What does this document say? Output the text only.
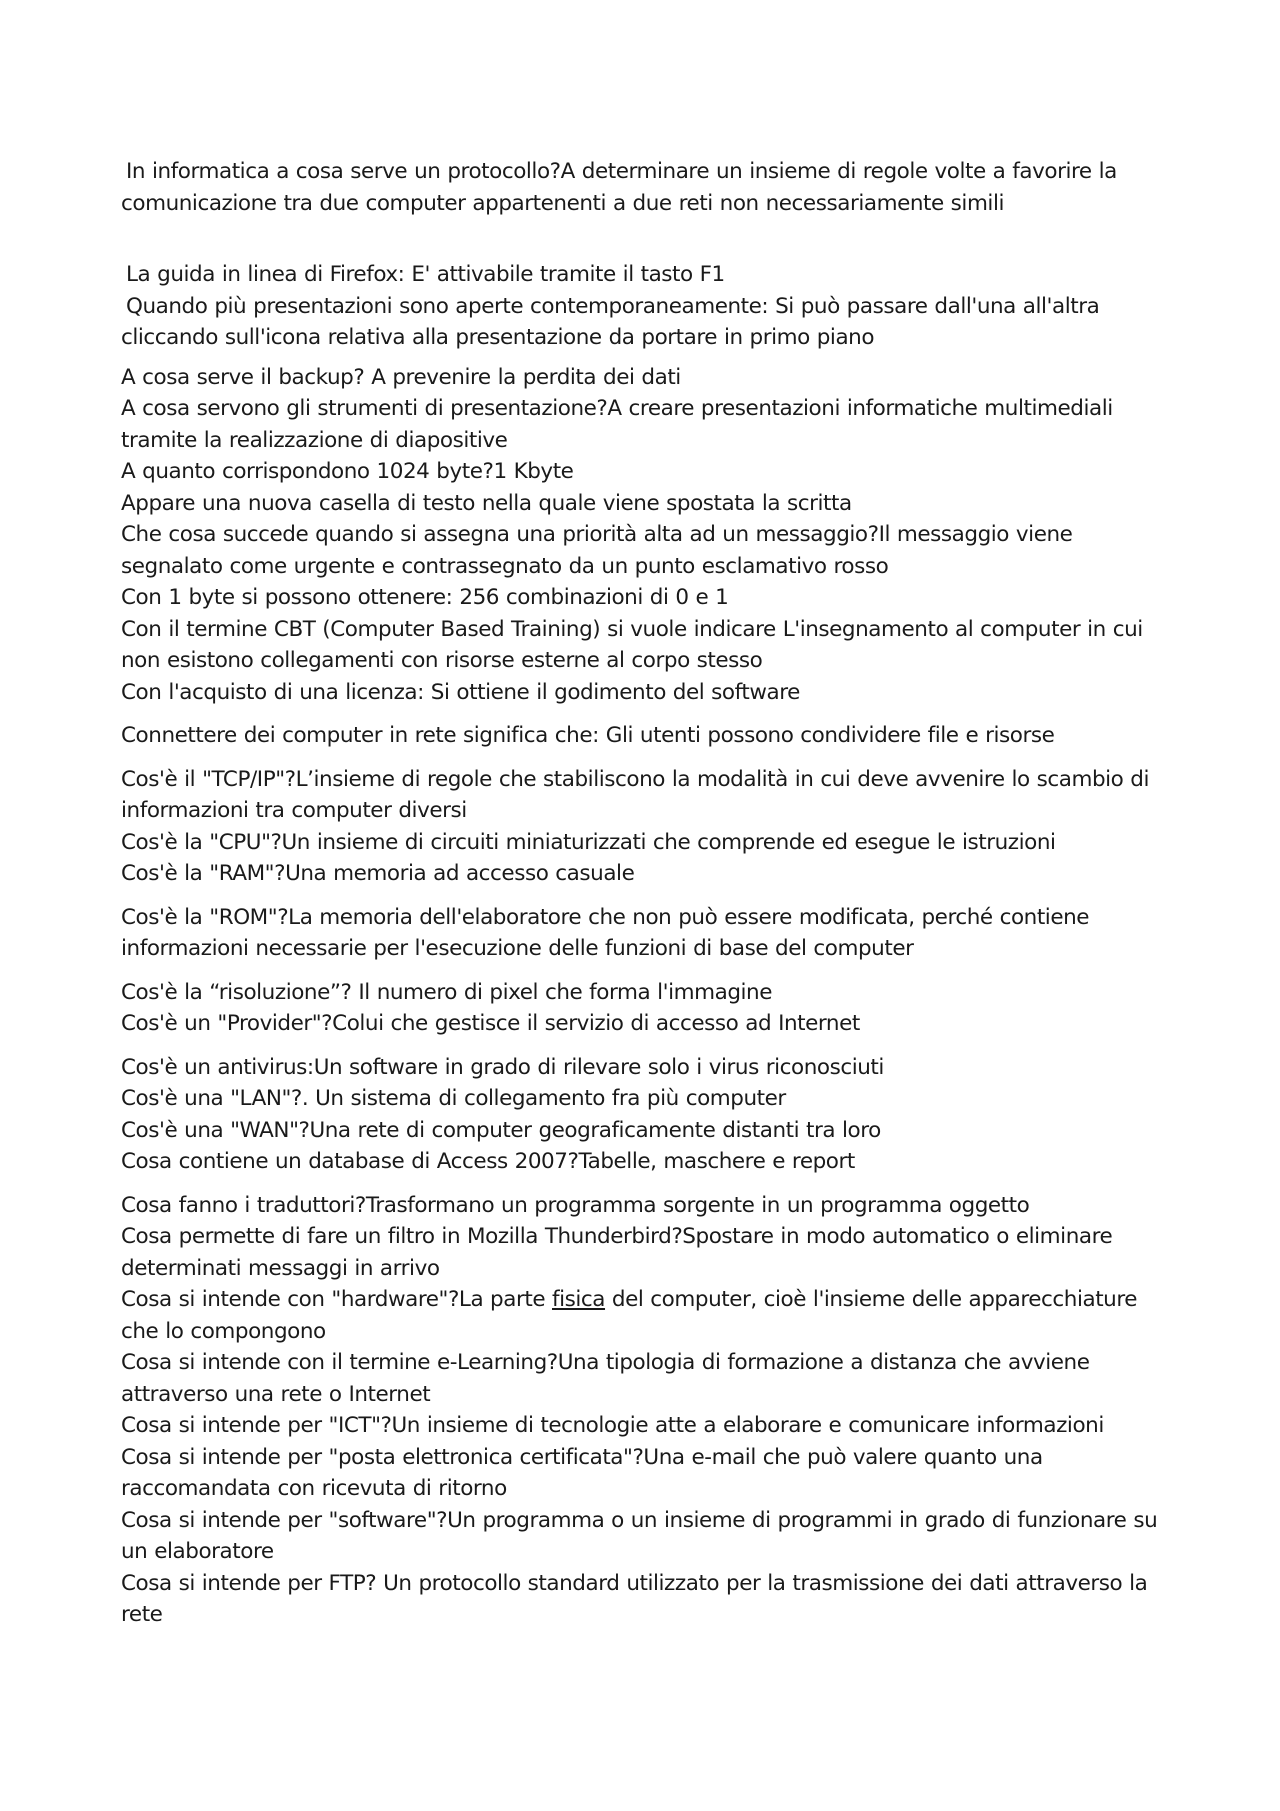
In informatica a cosa serve un protocollo?A determinare un insieme di regole volte a favorire la comunicazione tra due computer appartenenti a due reti non necessariamente simili

La guida in linea di Firefox: E' attivabile tramite il tasto F1

Quando più presentazioni sono aperte contemporaneamente: Si può passare dall'una all'altra cliccando sull'icona relativa alla presentazione da portare in primo piano

A cosa serve il backup? A prevenire la perdita dei dati

A cosa servono gli strumenti di presentazione?A creare presentazioni informatiche multimediali tramite la realizzazione di diapositive

A quanto corrispondono 1024 byte?1 Kbyte

Appare una nuova casella di testo nella quale viene spostata la scritta

Che cosa succede quando si assegna una priorità alta ad un messaggio?Il messaggio viene segnalato come urgente e contrassegnato da un punto esclamativo rosso

Con 1 byte si possono ottenere: 256 combinazioni di 0 e 1

Con il termine CBT (Computer Based Training) si vuole indicare L'insegnamento al computer in cui non esistono collegamenti con risorse esterne al corpo stesso

Con l'acquisto di una licenza: Si ottiene il godimento del software

Connettere dei computer in rete significa che: Gli utenti possono condividere file e risorse

Cos'è il "TCP/IP"?L’insieme di regole che stabiliscono la modalità in cui deve avvenire lo scambio di informazioni tra computer diversi

Cos'è la "CPU"?Un insieme di circuiti miniaturizzati che comprende ed esegue le istruzioni

Cos'è la "RAM"?Una memoria ad accesso casuale

Cos'è la "ROM"?La memoria dell'elaboratore che non può essere modificata, perché contiene informazioni necessarie per l'esecuzione delle funzioni di base del computer

Cos'è la “risoluzione”? Il numero di pixel che forma l'immagine

Cos'è un "Provider"?Colui che gestisce il servizio di accesso ad Internet

Cos'è un antivirus:Un software in grado di rilevare solo i virus riconosciuti

Cos'è una "LAN"?. Un sistema di collegamento fra più computer

Cos'è una "WAN"?Una rete di computer geograficamente distanti tra loro

Cosa contiene un database di Access 2007?Tabelle, maschere e report

Cosa fanno i traduttori?Trasformano un programma sorgente in un programma oggetto

Cosa permette di fare un filtro in Mozilla Thunderbird?Spostare in modo automatico o eliminare determinati messaggi in arrivo

Cosa si intende con "hardware"?La parte fisica del computer, cioè l'insieme delle apparecchiature che lo compongono

Cosa si intende con il termine e-Learning?Una tipologia di formazione a distanza che avviene attraverso una rete o Internet

Cosa si intende per "ICT"?Un insieme di tecnologie atte a elaborare e comunicare informazioni

Cosa si intende per "posta elettronica certificata"?Una e-mail che può valere quanto una raccomandata con ricevuta di ritorno

Cosa si intende per "software"?Un programma o un insieme di programmi in grado di funzionare su un elaboratore

Cosa si intende per FTP? Un protocollo standard utilizzato per la trasmissione dei dati attraverso la rete
